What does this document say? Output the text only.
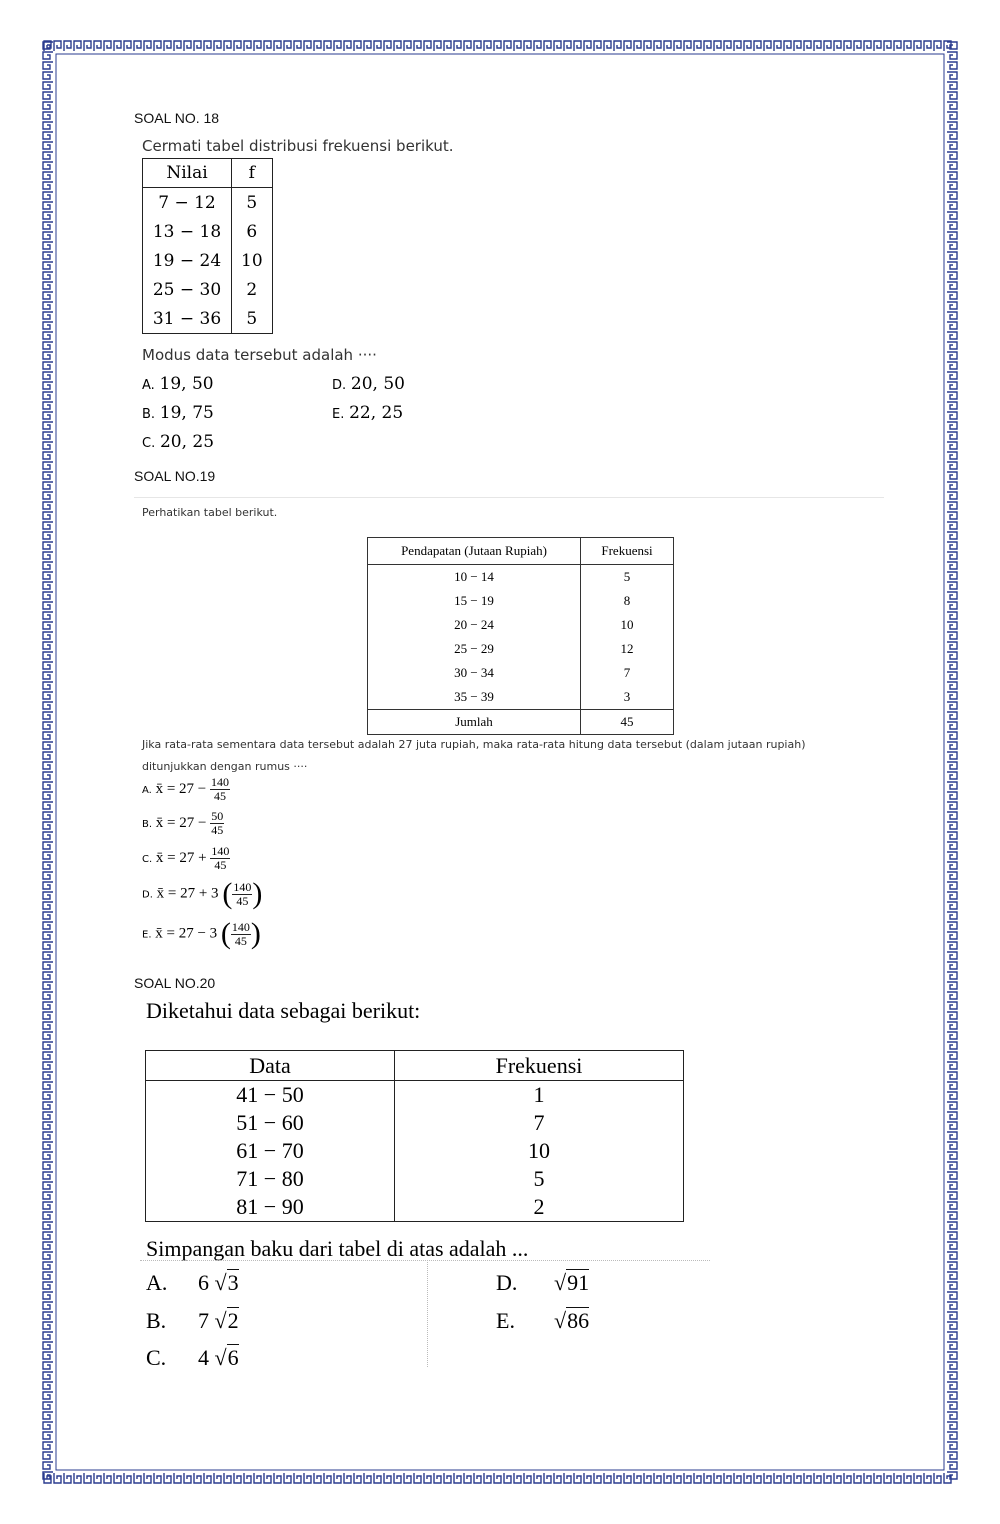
SOAL NO. 18
Cermati tabel distribusi frekuensi berikut.
Nilai	f
7 − 12	5
13 − 18	6
19 − 24	10
25 − 30	2
31 − 36	5
Modus data tersebut adalah ····
A. 19, 50
B. 19, 75
C. 20, 25
D. 20, 50
E. 22, 25
SOAL NO.19
Perhatikan tabel berikut.
Pendapatan (Jutaan Rupiah)	Frekuensi
10 − 14	5
15 − 19	8
20 − 24	10
25 − 29	12
30 − 34	7
35 − 39	3
Jumlah	45
Jika rata-rata sementara data tersebut adalah 27 juta rupiah, maka rata-rata hitung data tersebut (dalam jutaan rupiah)
ditunjukkan dengan rumus ····
A. x̄ = $27 - \frac{140}{45}$
B. x̄ = $27 - \frac{50}{45}$
C. x̄ = $27 + \frac{140}{45}$
D. x̄ = 27 + 3 ( $\frac{140}{45}$ )
E. x̄ = 27 − 3 ( $\frac{140}{45}$ )
SOAL NO.20
Diketahui data sebagai berikut:
Data	Frekuensi
41 − 50	1
51 − 60	7
61 − 70	10
71 − 80	5
81 − 90	2
Simpangan baku dari tabel di atas adalah ...
A. 6 √3
B. 7 √2
C. 4 √6
D. √91
E. √86
